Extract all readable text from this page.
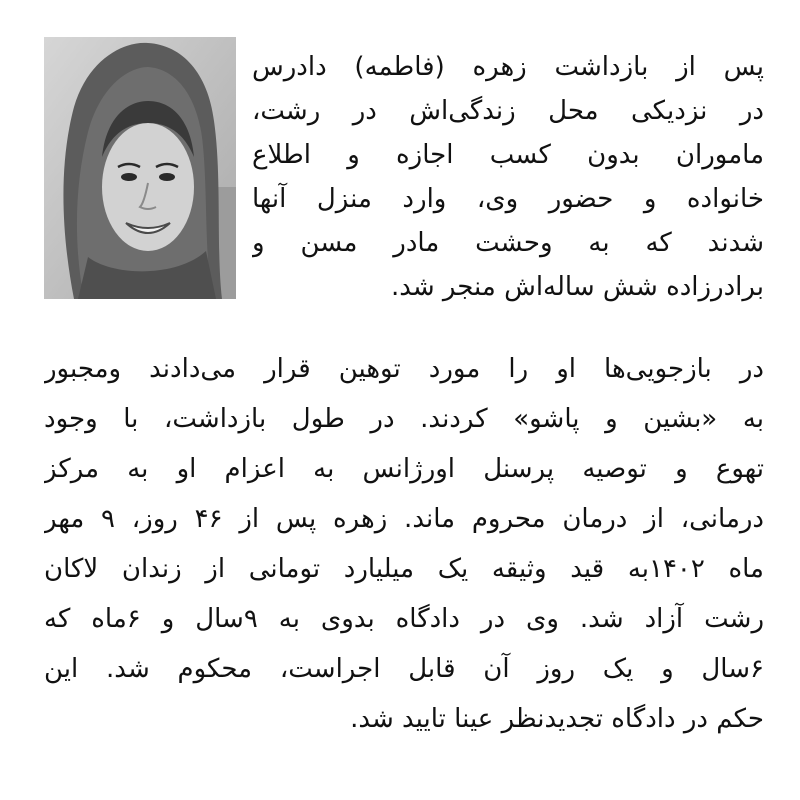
پس از بازداشت زهره (فاطمه) دادرس
در نزدیکی محل زندگی‌اش در رشت،
ماموران بدون کسب اجازه و اطلاع
خانواده و حضور وی، وارد منزل آنها
شدند که به وحشت مادر مسن و
برادرزاده شش ساله‌اش منجر شد.
در بازجویی‌ها او را مورد توهین قرار می‌دادند ومجبور
به «بشین و پاشو» کردند. در طول بازداشت، با وجود
تهوع و توصیه پرسنل اورژانس به اعزام او به مرکز
درمانی، از درمان محروم ماند. زهره پس از ۴۶ روز، ۹ مهر
ماه ۱۴۰۲به قید وثیقه یک میلیارد تومانی از زندان لاکان
رشت آزاد شد. وی در دادگاه بدوی به ۹سال و ۶ماه که
۶سال و یک روز آن قابل اجراست، محکوم شد. این
حکم در دادگاه تجدیدنظر عینا تایید شد.
